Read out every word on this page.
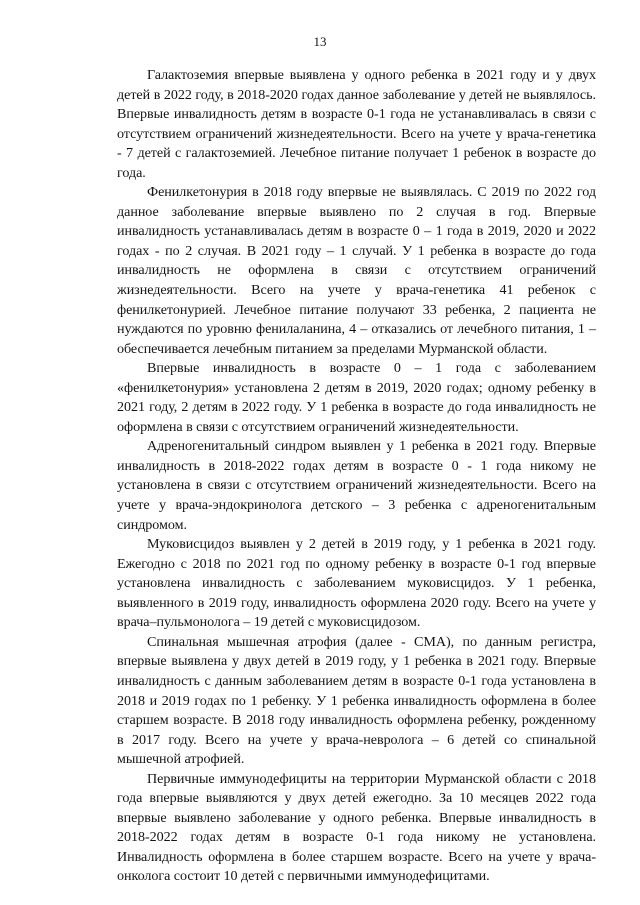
13

Галактоземия впервые выявлена у одного ребенка в 2021 году и у двух детей в 2022 году, в 2018-2020 годах данное заболевание у детей не выявлялось. Впервые инвалидность детям в возрасте 0-1 года не устанавливалась в связи с отсутствием ограничений жизнедеятельности. Всего на учете у врача-генетика - 7 детей с галактоземией. Лечебное питание получает 1 ребенок в возрасте до года.

Фенилкетонурия в 2018 году впервые не выявлялась. С 2019 по 2022 год данное заболевание впервые выявлено по 2 случая в год. Впервые инвалидность устанавливалась детям в возрасте 0 – 1 года в 2019, 2020 и 2022 годах - по 2 случая. В 2021 году – 1 случай. У 1 ребенка в возрасте до года инвалидность не оформлена в связи с отсутствием ограничений жизнедеятельности. Всего на учете у врача-генетика 41 ребенок с фенилкетонурией. Лечебное питание получают 33 ребенка, 2 пациента не нуждаются по уровню фенилаланина, 4 – отказались от лечебного питания, 1 – обеспечивается лечебным питанием за пределами Мурманской области.

Впервые инвалидность в возрасте 0 – 1 года с заболеванием «фенилкетонурия» установлена 2 детям в 2019, 2020 годах; одному ребенку в 2021 году, 2 детям в 2022 году. У 1 ребенка в возрасте до года инвалидность не оформлена в связи с отсутствием ограничений жизнедеятельности.

Адреногенитальный синдром выявлен у 1 ребенка в 2021 году. Впервые инвалидность в 2018-2022 годах детям в возрасте 0 - 1 года никому не установлена в связи с отсутствием ограничений жизнедеятельности. Всего на учете у врача-эндокринолога детского – 3 ребенка с адреногенитальным синдромом.

Муковисцидоз выявлен у 2 детей в 2019 году, у 1 ребенка в 2021 году. Ежегодно с 2018 по 2021 год по одному ребенку в возрасте 0-1 год впервые установлена инвалидность с заболеванием муковисцидоз. У 1 ребенка, выявленного в 2019 году, инвалидность оформлена 2020 году. Всего на учете у врача–пульмонолога – 19 детей с муковисцидозом.

Спинальная мышечная атрофия (далее - СМА), по данным регистра, впервые выявлена у двух детей в 2019 году, у 1 ребенка в 2021 году. Впервые инвалидность с данным заболеванием детям в возрасте 0-1 года установлена в 2018 и 2019 годах по 1 ребенку. У 1 ребенка инвалидность оформлена в более старшем возрасте. В 2018 году инвалидность оформлена ребенку, рожденному в 2017 году. Всего на учете у врача-невролога – 6 детей со спинальной мышечной атрофией.

Первичные иммунодефициты на территории Мурманской области с 2018 года впервые выявляются у двух детей ежегодно. За 10 месяцев 2022 года впервые выявлено заболевание у одного ребенка. Впервые инвалидность в 2018-2022 годах детям в возрасте 0-1 года никому не установлена. Инвалидность оформлена в более старшем возрасте. Всего на учете у врача-онколога состоит 10 детей с первичными иммунодефицитами.
